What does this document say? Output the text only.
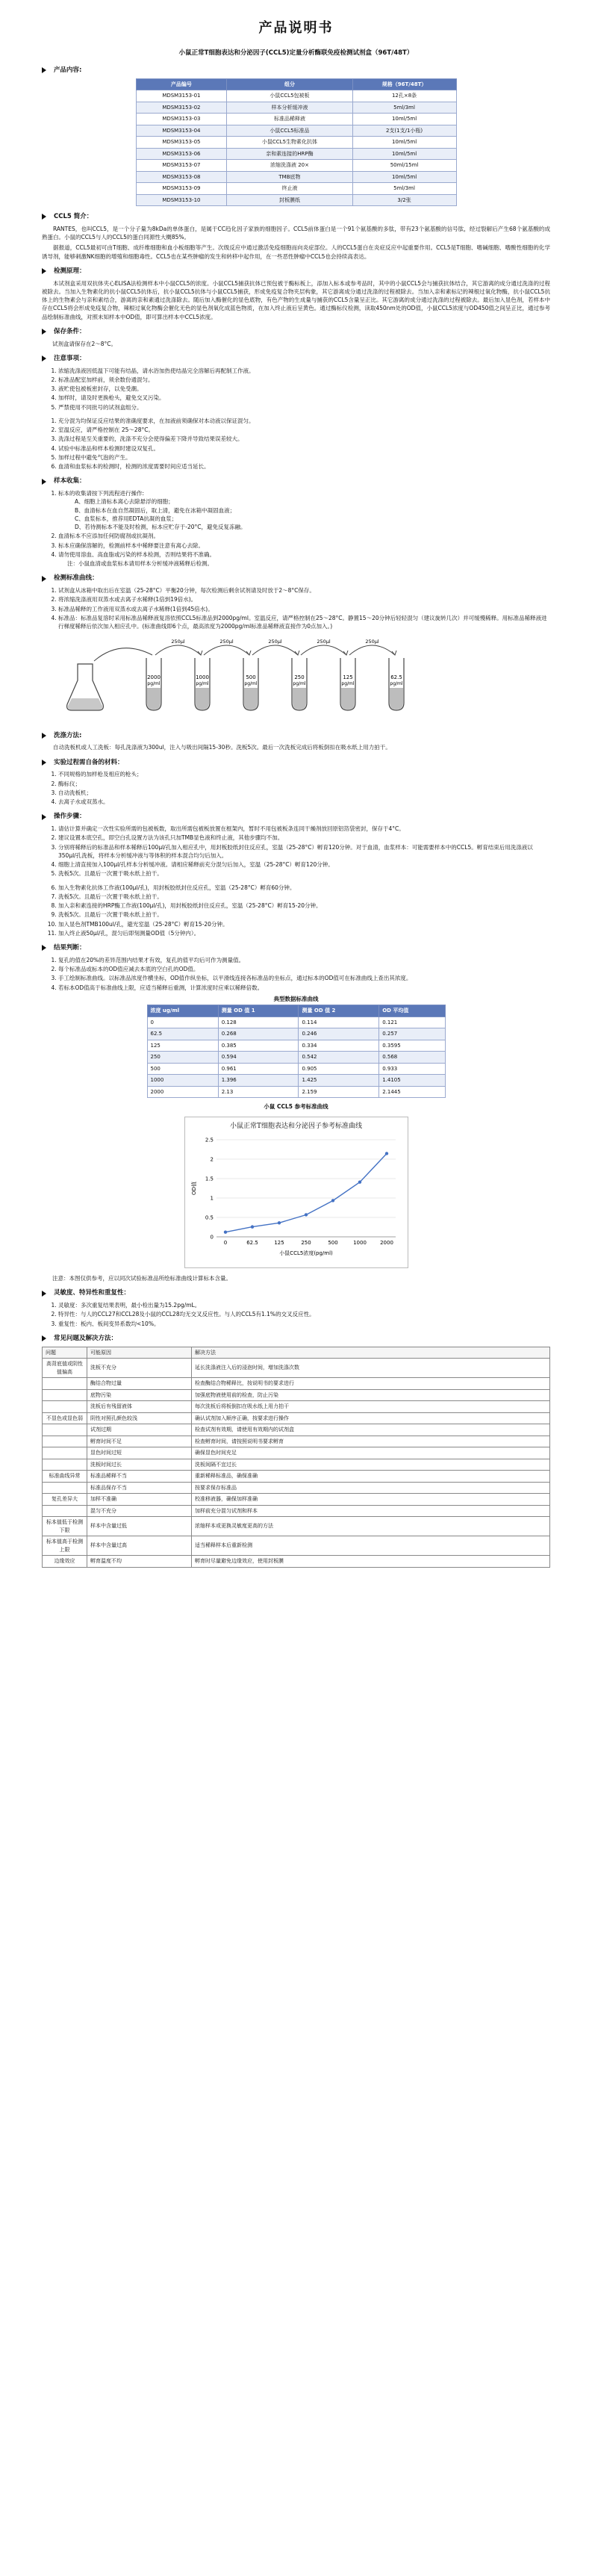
产品说明书
小鼠正常T细胞表达和分泌因子(CCL5)定量分析酶联免疫检测试剂盒（96T/48T）
产品内容:
产品编号	组分	规格（96T/48T）
MDSM3153-01	小鼠CCL5包被板	12孔×8条
MDSM3153-02	样本分析缓冲液	5ml/3ml
MDSM3153-03	标准品稀释液	10ml/5ml
MDSM3153-04	小鼠CCL5标准品	2支(1支/1小瓶)
MDSM3153-05	小鼠CCL5生物素化抗体	10ml/5ml
MDSM3153-06	亲和素连接的HRP酶	10ml/5ml
MDSM3153-07	浓缩洗涤液 20×	50ml/15ml
MDSM3153-08	TMB底物	10ml/5ml
MDSM3153-09	终止液	5ml/3ml
MDSM3153-10	封板膜纸	3/2张
CCL5 简介：

RANTES，也叫CCL5，是一个分子量为8kDa的单体蛋白，是属于CC趋化因子家族的细胞因子。CCL5前体蛋白是一个91个氨基酸的多肽，带有23个氨基酸的信号肽，经过裂解后产生68个氨基酸的成熟蛋白。小鼠的CCL5与人的CCL5的蛋白同源性大概85%。

据报道，CCL5最初可由T细胞、成纤维细胞和血小板细胞等产生。次级反应中通过激活免疫细胞而向炎症部位。人的CCL5蛋白在炎症反应中起重要作用。CCL5是T细胞、嗜碱细胞、嗜酸性细胞的化学诱导剂，能够刺激NK细胞的增殖和细胞毒性。CCL5也在某些肿瘤的发生和转移中起作用，在一些恶性肿瘤中CCL5也会持续高表达。

检测原理：

本试剂盒采用双抗体夹心ELISA法检测样本中小鼠CCL5的浓度。小鼠CCL5捕获抗体已预包被于酶标板上，添加入标本或参考品时，其中的小鼠CCL5会与捕获抗体结合，其它游离的成分通过洗涤的过程被除去。当加入生物素化的抗小鼠CCL5抗体后，抗小鼠CCL5抗体与小鼠CCL5捕获，形成免疫复合物夹层构象，其它游离成分通过洗涤的过程被除去。当加入亲和素标记的辣根过氧化物酶，抗小鼠CCL5抗体上的生物素会与亲和素结合，游离的亲和素通过洗涤除去。随后加入酶催化的显色底物，有色产物的生成量与捕获的CCL5含量呈正比。其它游离的成分通过洗涤的过程被除去。最后加入显色剂，若样本中存在CCL5将会形成免疫复合物，辣根过氧化物酶会催化无色的显色剂氧化成蓝色物质，在加入终止液后呈黄色。通过酶标仪检测，读取450nm处的OD值，小鼠CCL5浓度与OD450值之间呈正比，通过参考品绘制标准曲线，对照未知样本中OD值，即可算出样本中CCL5浓度。

保存条件：

试剂盒请保存在2～8°C。

注意事项：
1. 浓缩洗涤液因低温下可能有结晶，请水浴加热使结晶完全溶解后再配制工作液。
2. 标准品配室加样前，须余数份通混匀。
3. 液贮使包被板密封存，以免受潮。
4. 加样时，请及时更换枪头，避免交叉污染。
5. 严禁使用不同批号的试剂盒组分。
1. 充分混为均保证反应结果的准确度要求，在加液前须确保对本动液以保证混匀。
2. 室温反应，请严格控制在 25～28°C。
3. 洗涤过程是至关重要的，洗涤不充分会使得偏差下降并导致结果误差较大。
4. 试验中标准品和样本检测时建设双复孔。
5. 加样过程中避免气泡的产生。
6. 血清和血浆标本的检测时，检测的浓度需要时间应适当延长。
样本收集：
1. 标本的收集请按下列流程进行操作:
A、细胞上清标本离心去除悬浮的细胞；
B、血清标本在血自然凝固后，取上清，避免在冰箱中凝固血液；
C、血浆标本，推荐用EDTA抗凝的血浆；
D、若待测标本不能及时检测，标本应贮存于-20°C，避免反复冻融。
2. 血清标本不应添加任何防腐剂或抗凝剂。
3. 标本应确保溶解的，检测前样本中稀释要注意有离心去除。
4. 请勿使用溶血、高血脂或污染的样本检测，否则结果将不准确。

注：小鼠血清或血浆标本请用样本分析缓冲液稀释后检测。

检测标准曲线：
1. 试剂盒从冰箱中取出后在室温（25-28°C）平衡20分钟，每次检测后剩余试剂请及时放于2～8°C保存。
2. 将浓缩洗涤液用双蒸水或去离子水稀释(1倍到19倍水)。
3. 标准品稀释的工作液用双蒸水或去离子水稀释(1倍到45倍水)。
4. 标准品：标准品复溶时采用标准品稀释液复溶依照CCL5标准品到2000pg/ml。室温反应，请严格控制在25～28°C。静置15～20分钟后轻轻混匀（建议旋转几次）并可缓慢稀释。用标准品稀释液进行梯度稀释后依次加入相应孔中。(标准曲线即6个点，最高浓度为2000pg/ml标准品稀释液直接作为0点加入。)
2000
pg/ml
1000
pg/ml
500
pg/ml
250
pg/ml
125
pg/ml
62.5
pg/ml
250μl	250μl	250μl	250μl	250μl
洗涤方法:

自动洗板机或人工洗板：每孔洗涤液为300ul，注入与吸出间隔15-30秒。洗板5次。最后一次洗板完成后将板倒扣在吸水纸上用力拍干。

实验过程需自备的材料：
1. 不同规格的加样枪及相应的枪头；
2. 酶标仪；
3. 自动洗板机；
4. 去离子水或双蒸水。
操作步骤：
1. 请估计算并确定一次性实验所需的包被板数，取出所需包被板放置在框架内，暂时不用包被板条连同干燥剂放回原铝箔袋密封，保存于4°C。
2. 建议设置本底空孔，即空白孔设置方法为该孔只加TMB显色液和终止液，其他步骤均不加。
3. 分别将稀释后的标准品和样本稀释后100μl/孔加入相应孔中，用封板胶纸封住反应孔，室温（25-28°C）孵育120分钟。对于血清，血浆样本：可能需要样本中的CCL5。孵育结束后用洗涤液以350μl/孔洗板，将样本分析缓冲液与等体积的样本混合均匀后加入。
4. 细胞上清直接加入100μl/孔样本分析缓冲液。请相应稀释前充分混匀后加入，室温（25-28°C）孵育120分钟。
5. 洗板5次。且最后一次置于吸水纸上拍干。
6. 加入生物素化抗体工作液(100μl/孔)，用封板胶纸封住反应孔，室温（25-28°C）孵育60分钟。
7. 洗板5次。且最后一次置于吸水纸上拍干。
8. 加入亲和素连接的HRP酶工作液(100μl/孔)，用封板胶纸封住反应孔，室温（25-28°C）孵育15-20分钟。
9. 洗板5次。且最后一次置于吸水纸上拍干。
10. 加入显色剂TMB100ul/孔，避光室温（25-28°C）孵育15-20分钟。
11. 加入终止液50μl/孔，混匀后即刻测量OD值（5分钟内）。
结果判断：
1. 复孔的值在20%的差异范围内结果才有效，复孔的值平均后可作为测量值。
2. 每个标准品或标本的OD值应减去本底的空白孔的OD值。
3. 手工绘制标准曲线。以标准品浓度作横坐标，OD值作纵坐标，以平滑线连接各标准品的坐标点，通过标本的OD值可在标准曲线上查出其浓度。
4. 若标本OD值高于标准曲线上限，应适当稀释后重测，计算浓度时应乘以稀释倍数。
典型数据标准曲线
浓度 ug/ml	测量 OD 值 1	测量 OD 值 2	OD 平均值
0	0.128	0.114	0.121
62.5	0.268	0.246	0.257
125	0.385	0.334	0.3595
250	0.594	0.542	0.568
500	0.961	0.905	0.933
1000	1.396	1.425	1.4105
2000	2.13	2.159	2.1445
小鼠 CCL5 参考标准曲线
小鼠正常T细胞表达和分泌因子参考标准曲线
0
0.5
1
1.5
2
2.5
0	62.5	125	250	500	1000	2000
小鼠CCL5浓度(pg/ml)
OD值

注意：本图仅供参考，应以同次试验标准品所绘标准曲线计算标本含量。

灵敏度、特异性和重复性：
1. 灵敏度：多次重复结果表明，最小检出量为15.2pg/mL。
2. 特异性：与人的CCL27和CCL28及小鼠的CCL28均无交叉反应性。与人的CCL5有1.1%的交叉反应性。
3. 重复性：板内、板间变异系数均<10%。
常见问题及解决方法：
问题	可能原因	解决方法
高背底值或阴性值偏高	洗板不充分	延长洗涤液注入后的浸泡时间，增加洗涤次数
	酶结合物过量	检查酶结合物稀释比，按说明书的要求进行
	底物污染	加强底物液使用前的检查，防止污染
	洗板后有残留液体	每次洗板后将板倒扣在吸水纸上用力拍干
不显色或显色弱	阴性对照孔颜色较浅	确认试剂加入顺序正确，按要求进行操作
	试剂过期	检查试剂有效期，请使用有效期内的试剂盒
	孵育时间不足	检查孵育时间，请按照说明书要求孵育
	显色时间过短	确保显色时间充足
	洗板时间过长	洗板间隔不宜过长
标准曲线异常	标准品稀释不当	重新稀释标准品，确保准确
	标准品保存不当	按要求保存标准品
复孔差异大	加样不准确	校准移液器，确保加样准确
	混匀不充分	加样前充分混匀试剂和样本
标本值低于检测下限	样本中含量过低	浓缩样本或更换灵敏度更高的方法
标本值高于检测上限	样本中含量过高	适当稀释样本后重新检测
边缘效应	孵育温度不均	孵育时尽量避免边缘效应，使用封板膜
